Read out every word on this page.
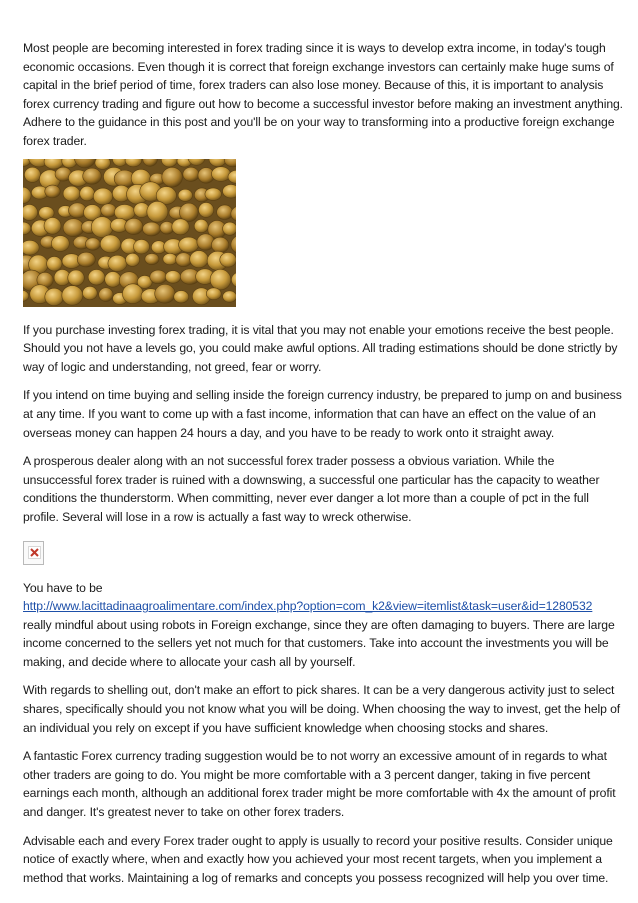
Most people are becoming interested in forex trading since it is ways to develop extra income, in today's tough economic occasions. Even though it is correct that foreign exchange investors can certainly make huge sums of capital in the brief period of time, forex traders can also lose money. Because of this, it is important to analysis forex currency trading and figure out how to become a successful investor before making an investment anything. Adhere to the guidance in this post and you'll be on your way to transforming into a productive foreign exchange forex trader.

If you purchase investing forex trading, it is vital that you may not enable your emotions receive the best people. Should you not have a levels go, you could make awful options. All trading estimations should be done strictly by way of logic and understanding, not greed, fear or worry.

If you intend on time buying and selling inside the foreign currency industry, be prepared to jump on and business at any time. If you want to come up with a fast income, information that can have an effect on the value of an overseas money can happen 24 hours a day, and you have to be ready to work onto it straight away.

A prosperous dealer along with an not successful forex trader possess a obvious variation. While the unsuccessful forex trader is ruined with a downswing, a successful one particular has the capacity to weather conditions the thunderstorm. When committing, never ever danger a lot more than a couple of pct in the full profile. Several will lose in a row is actually a fast way to wreck otherwise.

You have to be
http://www.lacittadinaagroalimentare.com/index.php?option=com_k2&view=itemlist&task=user&id=1280532
really mindful about using robots in Foreign exchange, since they are often damaging to buyers. There are large income concerned to the sellers yet not much for that customers. Take into account the investments you will be making, and decide where to allocate your cash all by yourself.

With regards to shelling out, don't make an effort to pick shares. It can be a very dangerous activity just to select shares, specifically should you not know what you will be doing. When choosing the way to invest, get the help of an individual you rely on except if you have sufficient knowledge when choosing stocks and shares.

A fantastic Forex currency trading suggestion would be to not worry an excessive amount of in regards to what other traders are going to do. You might be more comfortable with a 3 percent danger, taking in five percent earnings each month, although an additional forex trader might be more comfortable with 4x the amount of profit and danger. It's greatest never to take on other forex traders.

Advisable each and every Forex trader ought to apply is usually to record your positive results. Consider unique notice of exactly where, when and exactly how you achieved your most recent targets, when you implement a method that works. Maintaining a log of remarks and concepts you possess recognized will help you over time.
